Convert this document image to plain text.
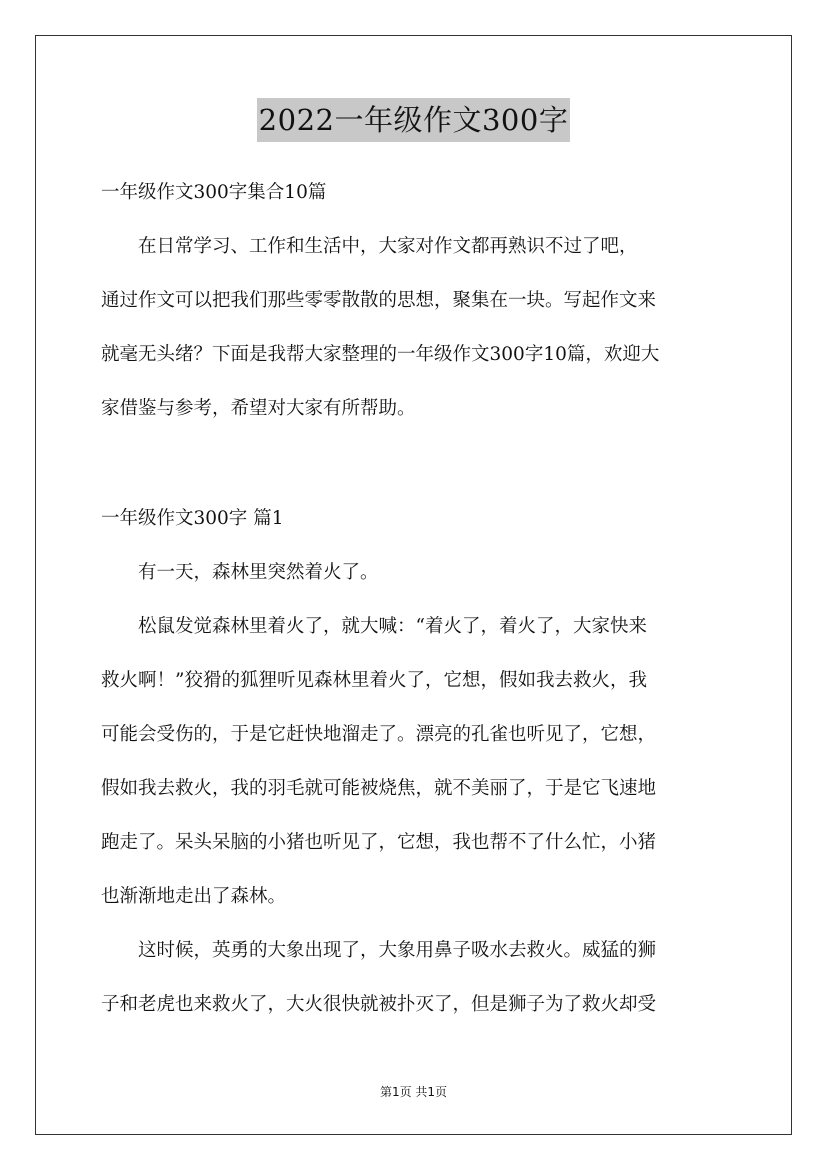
2022一年级作文300字
一年级作文300字集合10篇
　　在日常学习、工作和生活中，大家对作文都再熟识不过了吧，
通过作文可以把我们那些零零散散的思想，聚集在一块。写起作文来
就毫无头绪？下面是我帮大家整理的一年级作文300字10篇，欢迎大
家借鉴与参考，希望对大家有所帮助。
一年级作文300字 篇1
　　有一天，森林里突然着火了。
　　松鼠发觉森林里着火了，就大喊：“着火了，着火了，大家快来
救火啊！”狡猾的狐狸听见森林里着火了，它想，假如我去救火，我
可能会受伤的，于是它赶快地溜走了。漂亮的孔雀也听见了，它想，
假如我去救火，我的羽毛就可能被烧焦，就不美丽了，于是它飞速地
跑走了。呆头呆脑的小猪也听见了，它想，我也帮不了什么忙，小猪
也渐渐地走出了森林。
　　这时候，英勇的大象出现了，大象用鼻子吸水去救火。威猛的狮
子和老虎也来救火了，大火很快就被扑灭了，但是狮子为了救火却受
第1页 共1页
